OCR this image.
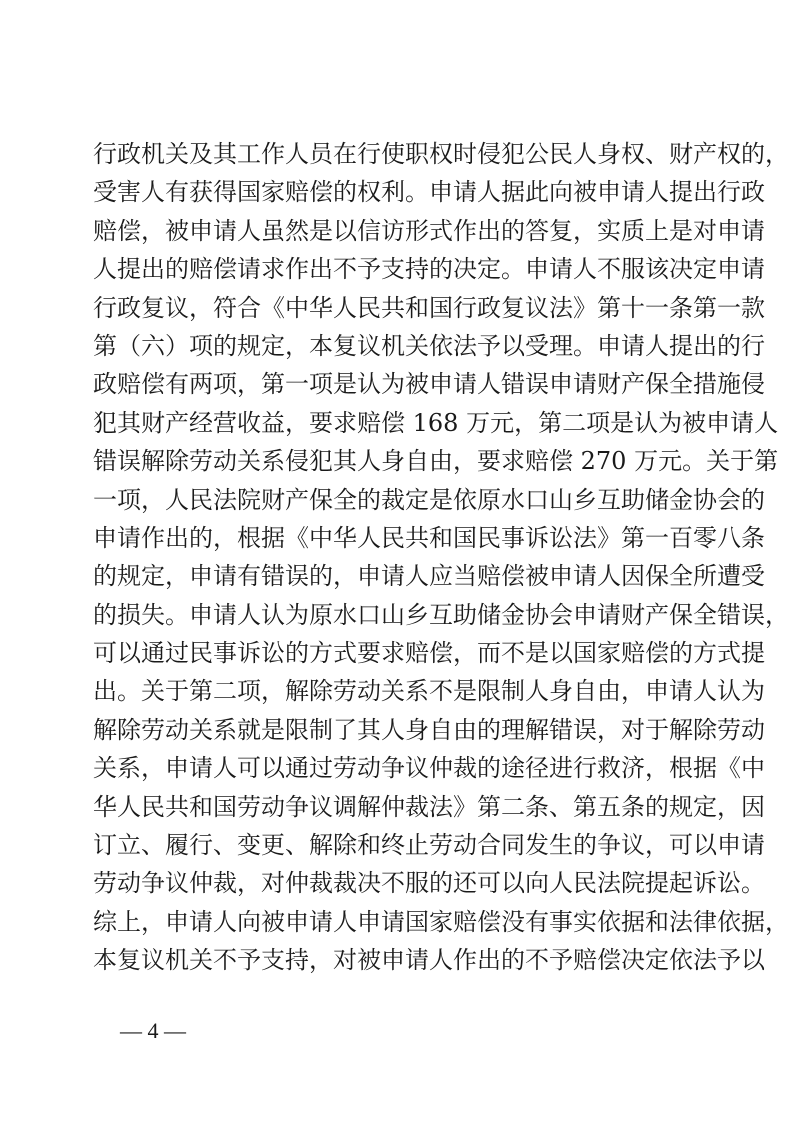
行政机关及其工作人员在行使职权时侵犯公民人身权、财产权的，
受害人有获得国家赔偿的权利。申请人据此向被申请人提出行政
赔偿，被申请人虽然是以信访形式作出的答复，实质上是对申请
人提出的赔偿请求作出不予支持的决定。申请人不服该决定申请
行政复议，符合《中华人民共和国行政复议法》第十一条第一款
第（六）项的规定，本复议机关依法予以受理。申请人提出的行
政赔偿有两项，第一项是认为被申请人错误申请财产保全措施侵
犯其财产经营收益，要求赔偿 168 万元，第二项是认为被申请人
错误解除劳动关系侵犯其人身自由，要求赔偿 270 万元。关于第
一项，人民法院财产保全的裁定是依原水口山乡互助储金协会的
申请作出的，根据《中华人民共和国民事诉讼法》第一百零八条
的规定，申请有错误的，申请人应当赔偿被申请人因保全所遭受
的损失。申请人认为原水口山乡互助储金协会申请财产保全错误，
可以通过民事诉讼的方式要求赔偿，而不是以国家赔偿的方式提
出。关于第二项，解除劳动关系不是限制人身自由，申请人认为
解除劳动关系就是限制了其人身自由的理解错误，对于解除劳动
关系，申请人可以通过劳动争议仲裁的途径进行救济，根据《中
华人民共和国劳动争议调解仲裁法》第二条、第五条的规定，因
订立、履行、变更、解除和终止劳动合同发生的争议，可以申请
劳动争议仲裁，对仲裁裁决不服的还可以向人民法院提起诉讼。
综上，申请人向被申请人申请国家赔偿没有事实依据和法律依据，
本复议机关不予支持，对被申请人作出的不予赔偿决定依法予以
— 4 —
